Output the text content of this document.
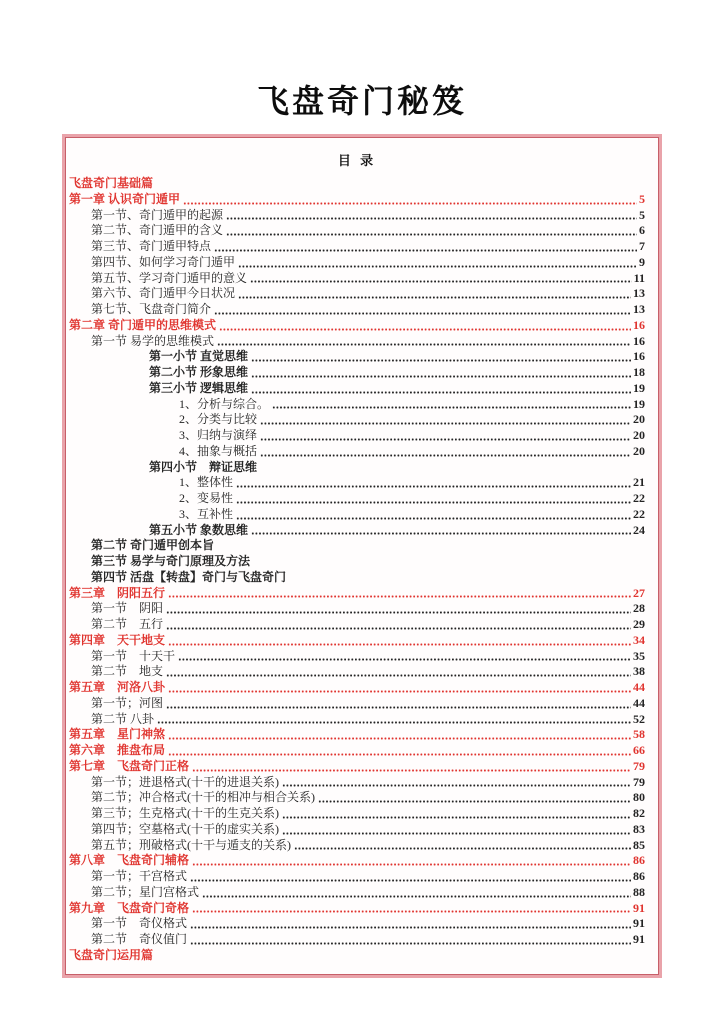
飞盘奇门秘笈
目 录
飞盘奇门基础篇
第一章 认识奇门遁甲	5
第一节、奇门遁甲的起源	5
第二节、奇门遁甲的含义	6
第三节、奇门遁甲特点	7
第四节、如何学习奇门遁甲	9
第五节、学习奇门遁甲的意义	11
第六节、奇门遁甲今日状况	13
第七节、飞盘奇门简介	13
第二章 奇门遁甲的思维模式	16
第一节 易学的思维模式	16
第一小节 直觉思维	16
第二小节 形象思维	18
第三小节 逻辑思维	19
1、分析与综合。	19
2、分类与比较	20
3、归纳与演绎	20
4、抽象与概括	20
第四小节　辩证思维
1、整体性	21
2、变易性	22
3、互补性	22
第五小节 象数思维	24
第二节 奇门遁甲创本旨
第三节 易学与奇门原理及方法
第四节 活盘【转盘】奇门与飞盘奇门
第三章　阴阳五行	27
第一节　阴阳	28
第二节　五行	29
第四章　天干地支	34
第一节　十天干	35
第二节　地支	38
第五章　河洛八卦	44
第一节；河图	44
第二节 八卦	52
第五章　星门神煞	58
第六章　推盘布局	66
第七章　飞盘奇门正格	79
第一节；进退格式(十干的进退关系)	79
第二节；冲合格式(十干的相冲与相合关系)	80
第三节；生克格式(十干的生克关系)	82
第四节；空墓格式(十干的虚实关系)	83
第五节；刑破格式(十干与遁支的关系)	85
第八章　飞盘奇门辅格	86
第一节；干宫格式	86
第二节；星门宫格式	88
第九章　飞盘奇门奇格	91
第一节　奇仪格式	91
第二节　奇仪值门	91
飞盘奇门运用篇
